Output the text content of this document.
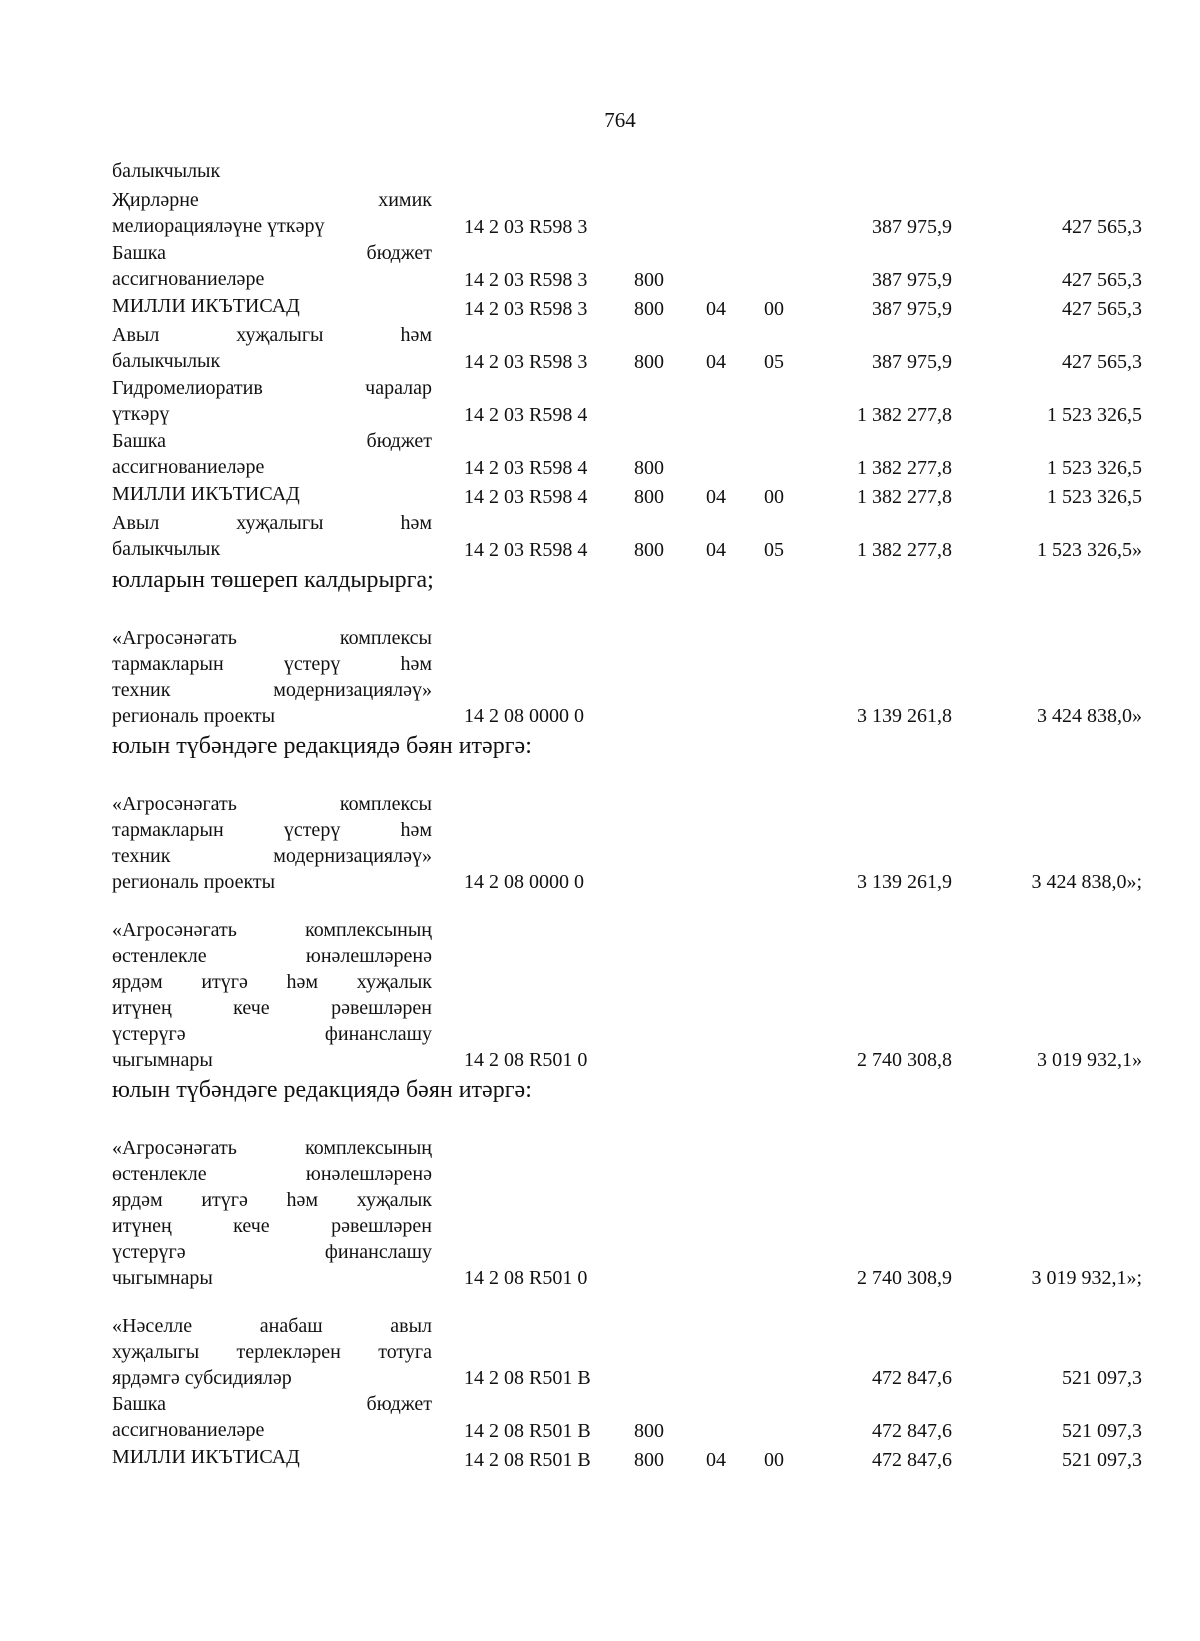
764
балыкчылык
Җирләрне химик
мелиорацияләүне үткәрү	14 2 03 R598 3	387 975,9	427 565,3
Башка бюджет
ассигнованиеләре	14 2 03 R598 3 800	387 975,9	427 565,3
МИЛЛИ ИКЪТИСАД	14 2 03 R598 3 800 04 00	387 975,9	427 565,3
Авыл хуҗалыгы һәм
балыкчылык	14 2 03 R598 3 800 04 05	387 975,9	427 565,3
Гидромелиоратив чаралар
үткәрү	14 2 03 R598 4	1 382 277,8	1 523 326,5
Башка бюджет
ассигнованиеләре	14 2 03 R598 4 800	1 382 277,8	1 523 326,5
МИЛЛИ ИКЪТИСАД	14 2 03 R598 4 800 04 00	1 382 277,8	1 523 326,5
Авыл хуҗалыгы һәм
балыкчылык	14 2 03 R598 4 800 04 05	1 382 277,8	1 523 326,5»
юлларын төшереп калдырырга;
«Агросәнәгать комплексы
тармакларын үстерү һәм
техник модернизацияләү»
региональ проекты	14 2 08 0000 0	3 139 261,8	3 424 838,0»
юлын түбәндәге редакциядә бәян итәргә:
«Агросәнәгать комплексы
тармакларын үстерү һәм
техник модернизацияләү»
региональ проекты	14 2 08 0000 0	3 139 261,9	3 424 838,0»;
«Агросәнәгать комплексының
өстенлекле юнәлешләренә
ярдәм итүгә һәм хуҗалык
итүнең кече рәвешләрен
үстерүгә финанслашу
чыгымнары	14 2 08 R501 0	2 740 308,8	3 019 932,1»
юлын түбәндәге редакциядә бәян итәргә:
«Агросәнәгать комплексының
өстенлекле юнәлешләренә
ярдәм итүгә һәм хуҗалык
итүнең кече рәвешләрен
үстерүгә финанслашу
чыгымнары	14 2 08 R501 0	2 740 308,9	3 019 932,1»;
«Нәселле анабаш авыл
хуҗалыгы терлекләрен тотуга
ярдәмгә субсидияләр	14 2 08 R501 B	472 847,6	521 097,3
Башка бюджет
ассигнованиеләре	14 2 08 R501 B 800	472 847,6	521 097,3
МИЛЛИ ИКЪТИСАД	14 2 08 R501 B 800 04 00	472 847,6	521 097,3
